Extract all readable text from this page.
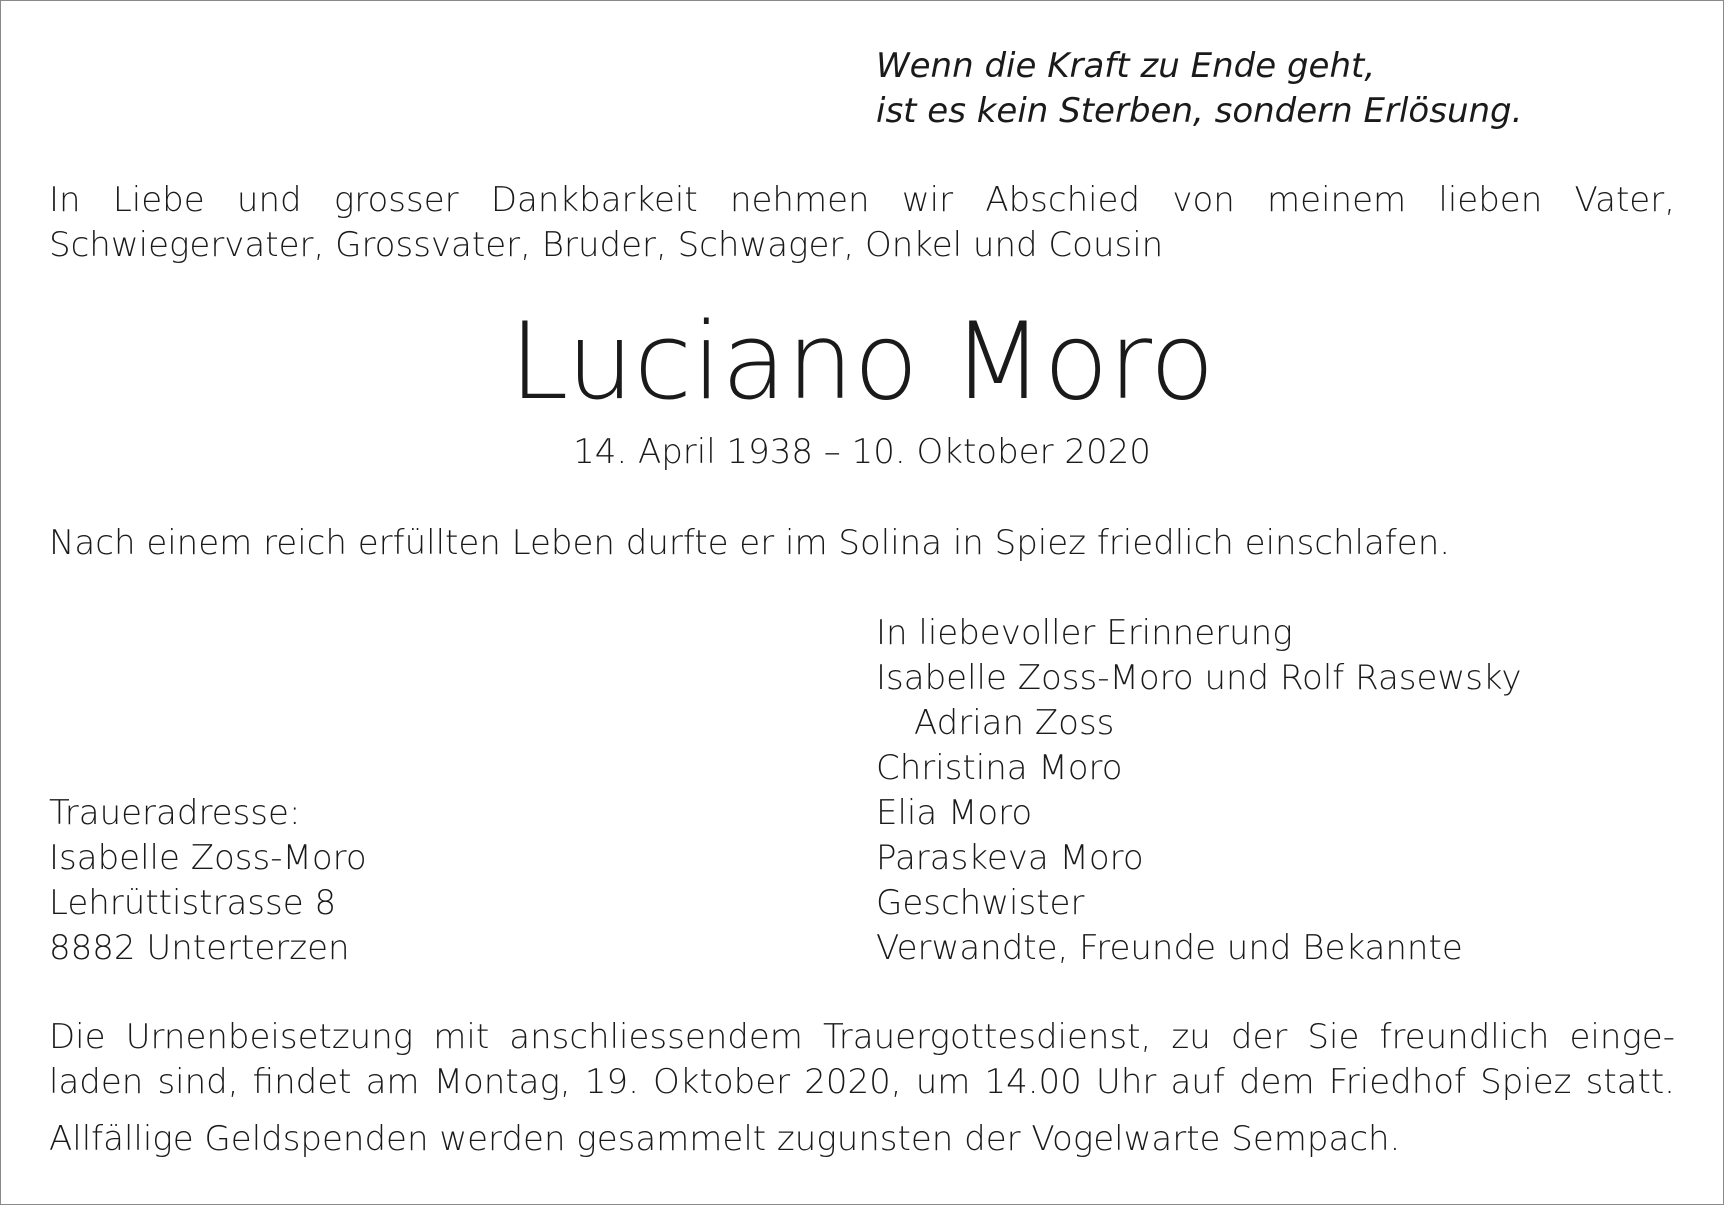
Wenn die Kraft zu Ende geht,
ist es kein Sterben, sondern Erlösung.
In Liebe und grosser Dankbarkeit nehmen wir Abschied von meinem lieben Vater,
Schwiegervater, Grossvater, Bruder, Schwager, Onkel und Cousin
Luciano Moro
14. April 1938 – 10. Oktober 2020
Nach einem reich erfüllten Leben durfte er im Solina in Spiez friedlich einschlafen.
In liebevoller Erinnerung
Isabelle Zoss-Moro und Rolf Rasewsky
Adrian Zoss
Christina Moro
Elia Moro
Paraskeva Moro
Geschwister
Verwandte, Freunde und Bekannte
Traueradresse:
Isabelle Zoss-Moro
Lehrüttistrasse 8
8882 Unterterzen
Die Urnenbeisetzung mit anschliessendem Trauergottesdienst, zu der Sie freundlich einge-
laden sind, findet am Montag, 19. Oktober 2020, um 14.00 Uhr auf dem Friedhof Spiez statt.
Allfällige Geldspenden werden gesammelt zugunsten der Vogelwarte Sempach.
